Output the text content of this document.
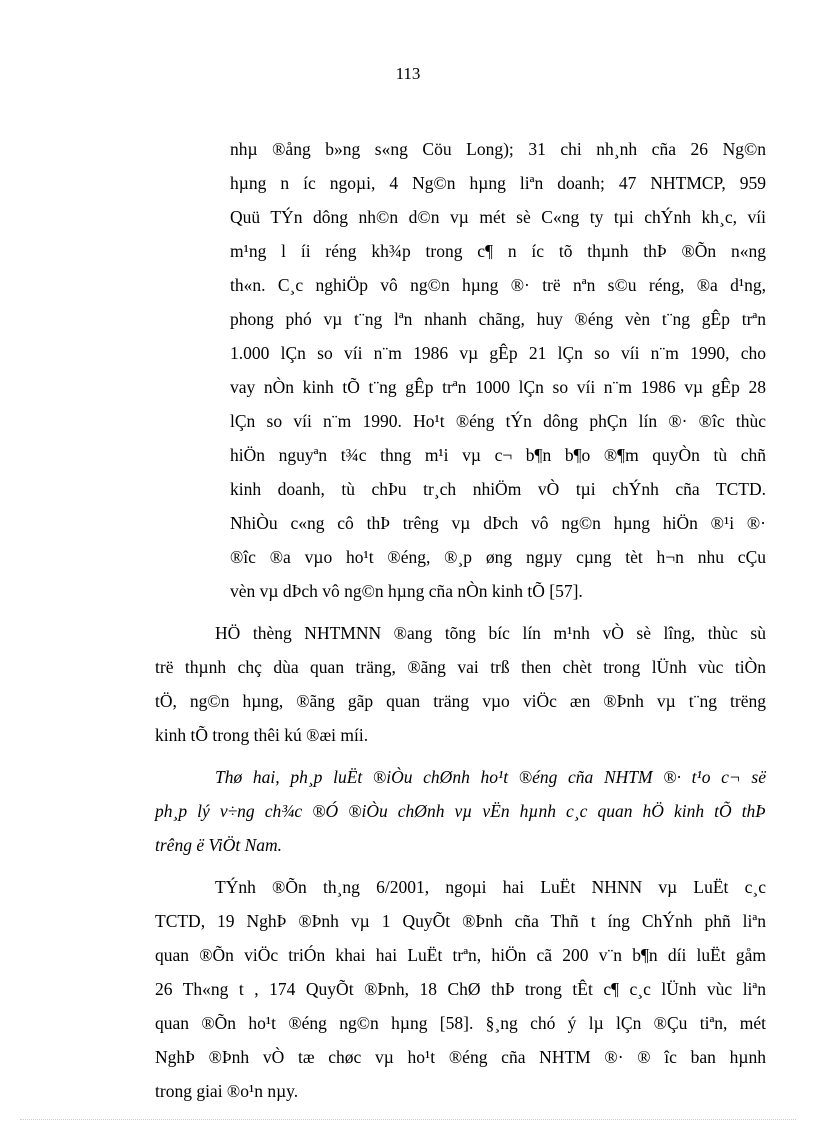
113
nhµ ®ång b»ng s«ng Cöu Long); 31 chi nh¸nh cña 26 Ng©n
hµng n íc ngoµi, 4 Ng©n hµng liªn doanh; 47 NHTMCP, 959
Quü TÝn dông nh©n d©n vµ mét sè C«ng ty tµi chÝnh kh¸c, víi
m¹ng l íi réng kh¾p trong c¶ n íc tõ thµnh thÞ ®Õn n«ng
th«n. C¸c nghiÖp vô ng©n hµng ®· trë nªn s©u réng, ®a d¹ng,
phong phó vµ t¨ng lªn nhanh chãng, huy ®éng vèn t¨ng gÊp trªn
1.000 lÇn so víi n¨m 1986 vµ gÊp 21 lÇn so víi n¨m 1990, cho
vay nÒn kinh tÕ t¨ng gÊp trªn 1000 lÇn so víi n¨m 1986 vµ gÊp 28
lÇn so víi n¨m 1990. Ho¹t ®éng tÝn dông phÇn lín ®· ®îc thùc
hiÖn nguyªn t¾c thng m¹i vµ c¬ b¶n b¶o ®¶m quyÒn tù chñ
kinh doanh, tù chÞu tr¸ch nhiÖm vÒ tµi chÝnh cña TCTD.
NhiÒu c«ng cô thÞ trêng vµ dÞch vô ng©n hµng hiÖn ®¹i ®·
®îc ®a vµo ho¹t ®éng, ®¸p øng ngµy cµng tèt h¬n nhu cÇu
vèn vµ dÞch vô ng©n hµng cña nÒn kinh tÕ [57].
HÖ thèng NHTMNN ®ang tõng bíc lín m¹nh vÒ sè lîng, thùc sù
trë thµnh chç dùa quan träng, ®ãng vai trß then chèt trong lÜnh vùc tiÒn
tÖ, ng©n hµng, ®ãng gãp quan träng vµo viÖc æn ®Þnh vµ t¨ng trëng
kinh tÕ trong thêi kú ®æi míi.
Thø hai, ph¸p luËt ®iÒu chØnh ho¹t ®éng cña NHTM ®· t¹o c¬ së
ph¸p lý v÷ng ch¾c ®Ó ®iÒu chØnh vµ vËn hµnh c¸c quan hÖ kinh tÕ thÞ
trêng ë ViÖt Nam.
TÝnh ®Õn th¸ng 6/2001, ngoµi hai LuËt NHNN vµ LuËt c¸c
TCTD, 19 NghÞ ®Þnh vµ 1 QuyÕt ®Þnh cña Thñ t íng ChÝnh phñ liªn
quan ®Õn viÖc triÓn khai hai LuËt trªn, hiÖn cã 200 v¨n b¶n díi luËt gåm
26 Th«ng t , 174 QuyÕt ®Þnh, 18 ChØ thÞ trong tÊt c¶ c¸c lÜnh vùc liªn
quan ®Õn ho¹t ®éng ng©n hµng [58]. §¸ng chó ý lµ lÇn ®Çu tiªn, mét
NghÞ ®Þnh vÒ tæ chøc vµ ho¹t ®éng cña NHTM ®· ® îc ban hµnh
trong giai ®o¹n nµy.
